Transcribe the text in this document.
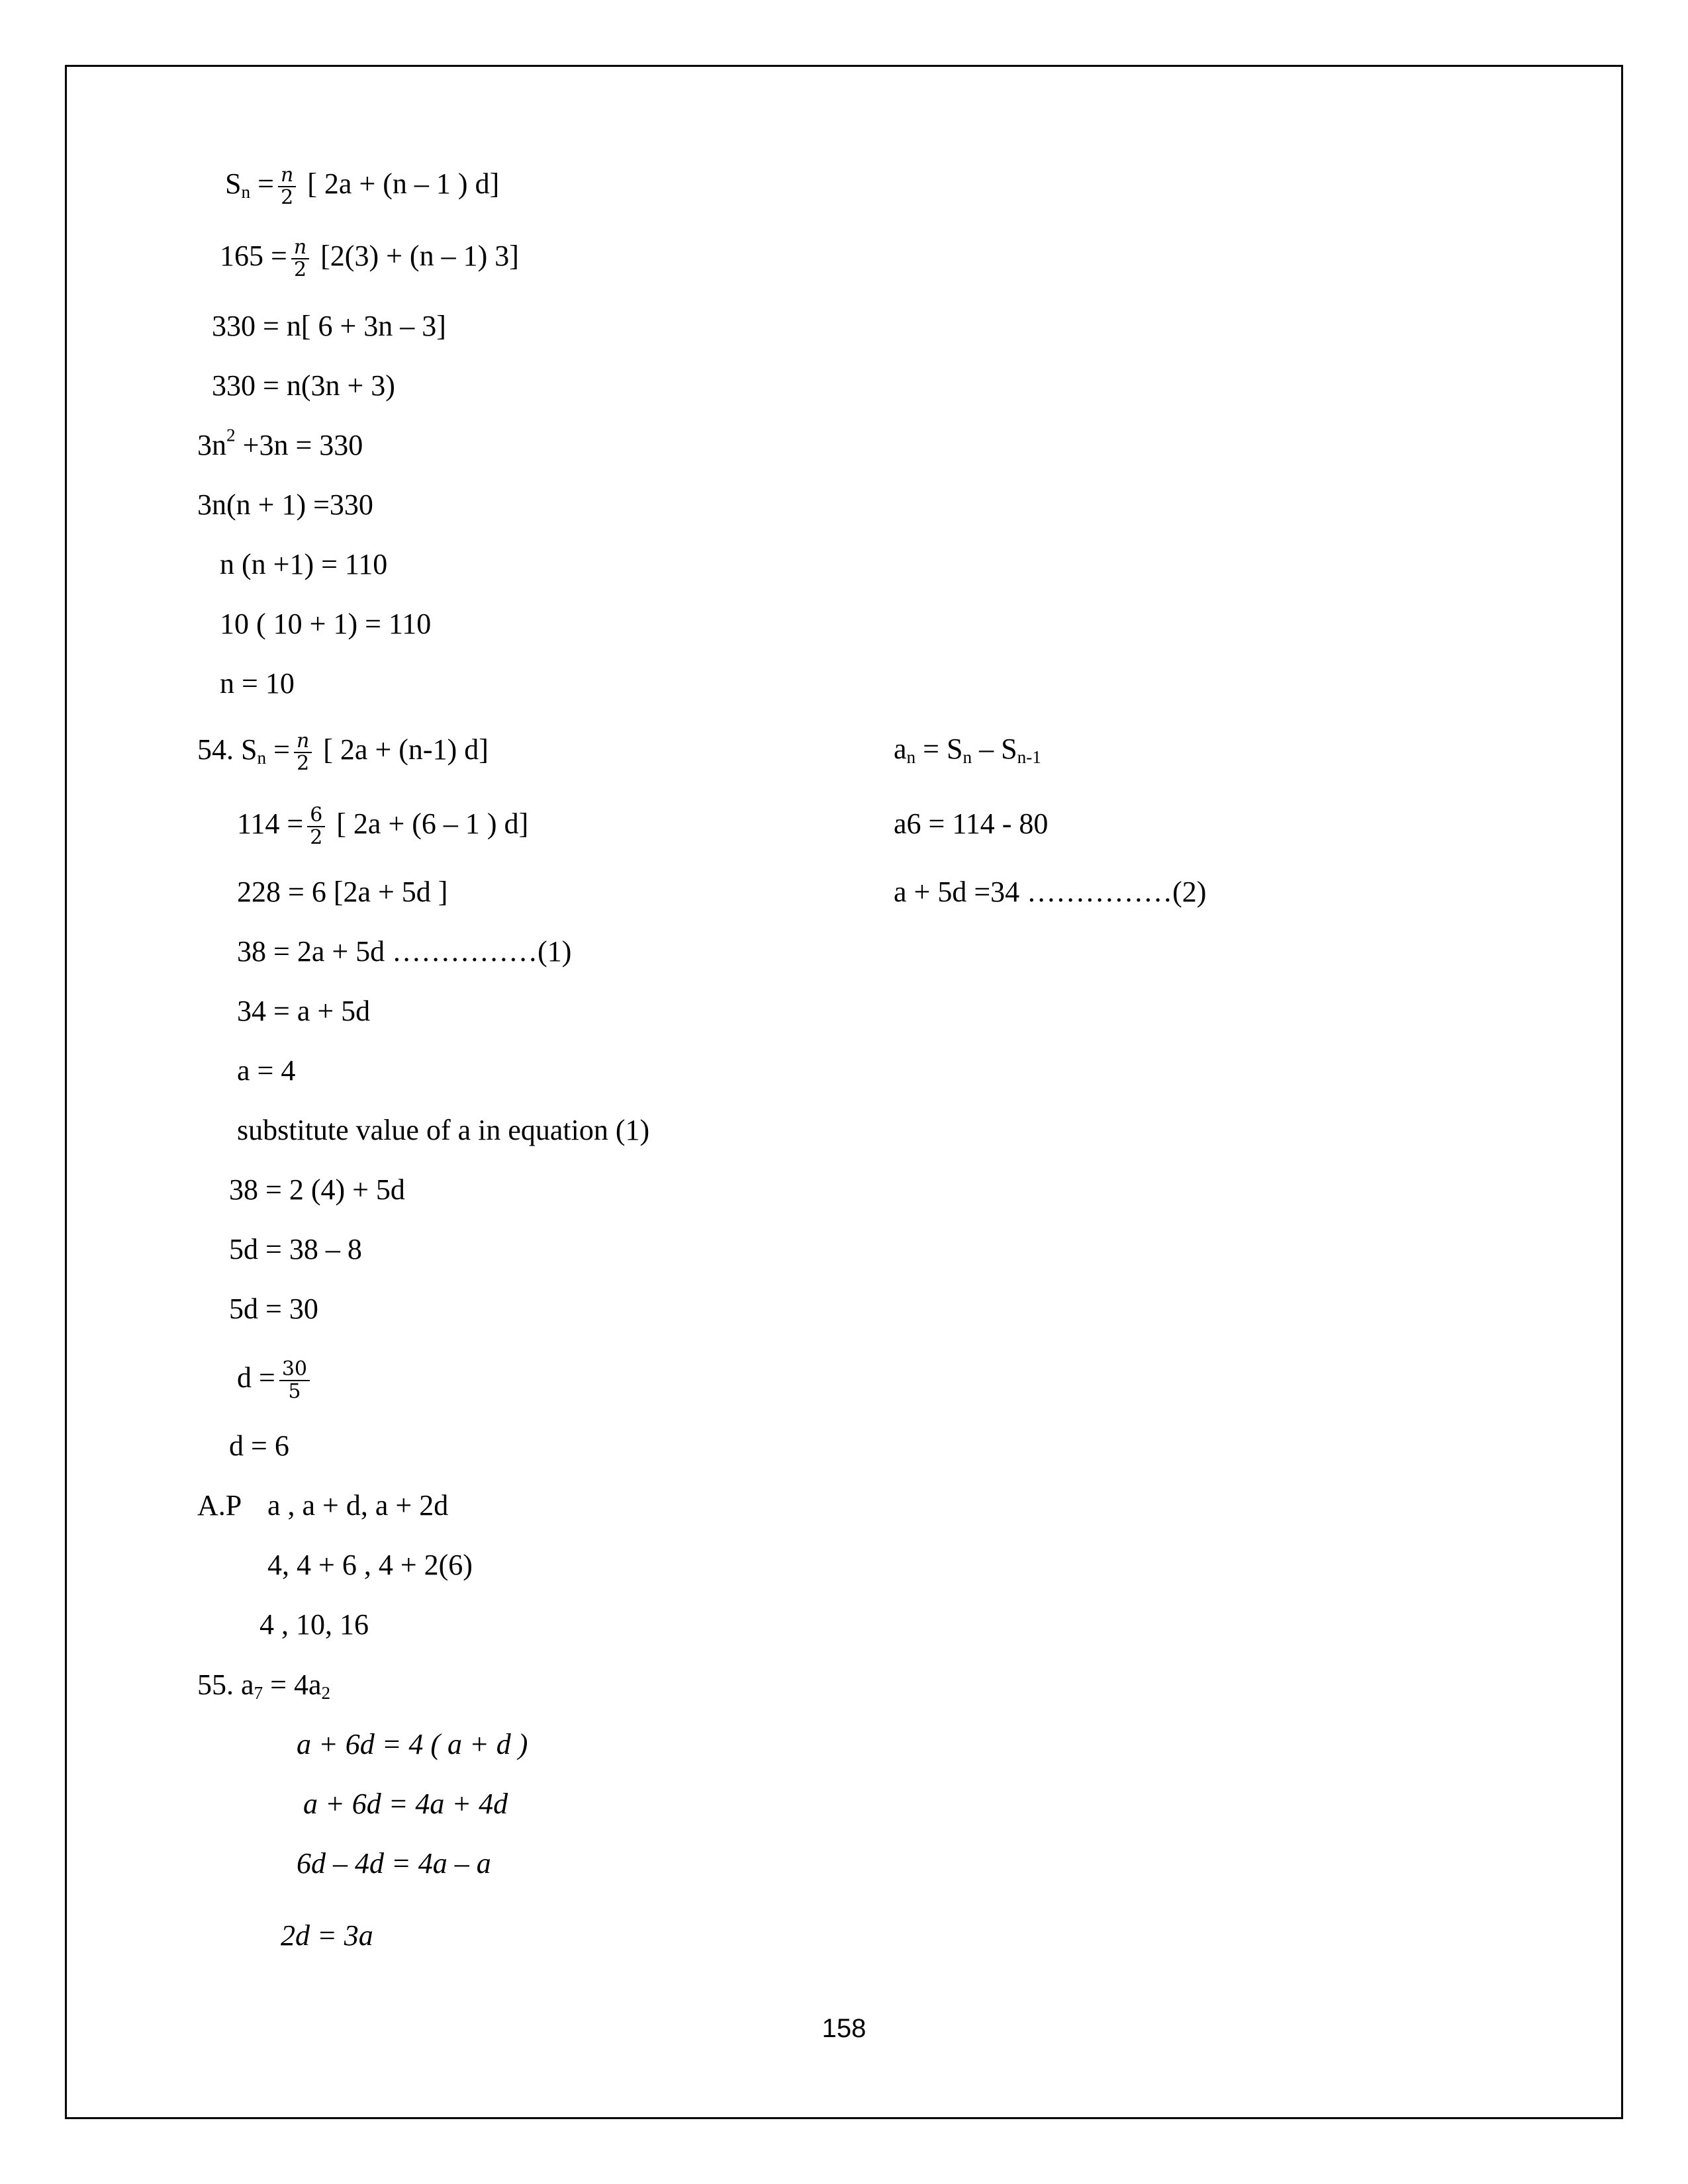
$S_n = \frac{n}{2}$ [ 2a + (n – 1 ) d]
$165 = \frac{n}{2} [2(3) + (n - 1)$ 3]
330 = n[ 6 + 3n – 3]
330 = n(3n + 3)
$3n^2 +3n = 330$
3n(n + 1) =330
n (n +1) = 110
10 ( 10 + 1) = 110
n = 10
54. $S_n = \frac{n}{2}$ [ 2a + (n-1) d]
$114 = \frac{6}{2}$ [ 2a + (6 – 1 ) d]
228 = 6 [2a + 5d ]
38 = 2a + 5d ……………(1)
34 = a + 5d
a = 4
substitute value of a in equation (1)
38 = 2 (4) + 5d
5d = 38 – 8
5d = 30
$d = \frac{30}{5}$
d = 6
A.P a , a + d, a + 2d
4, 4 + 6 , 4 + 2(6)
4 , 10, 16
$a_n = S_n - S_{n-1}$
a6 = 114 - 80
a + 5d =34 ……………(2)
55. $a_7 = 4a_2$
a + 6d = 4 ( a + d )
a + 6d = 4a + 4d
6d – 4d = 4a – a
2d = 3a
158
